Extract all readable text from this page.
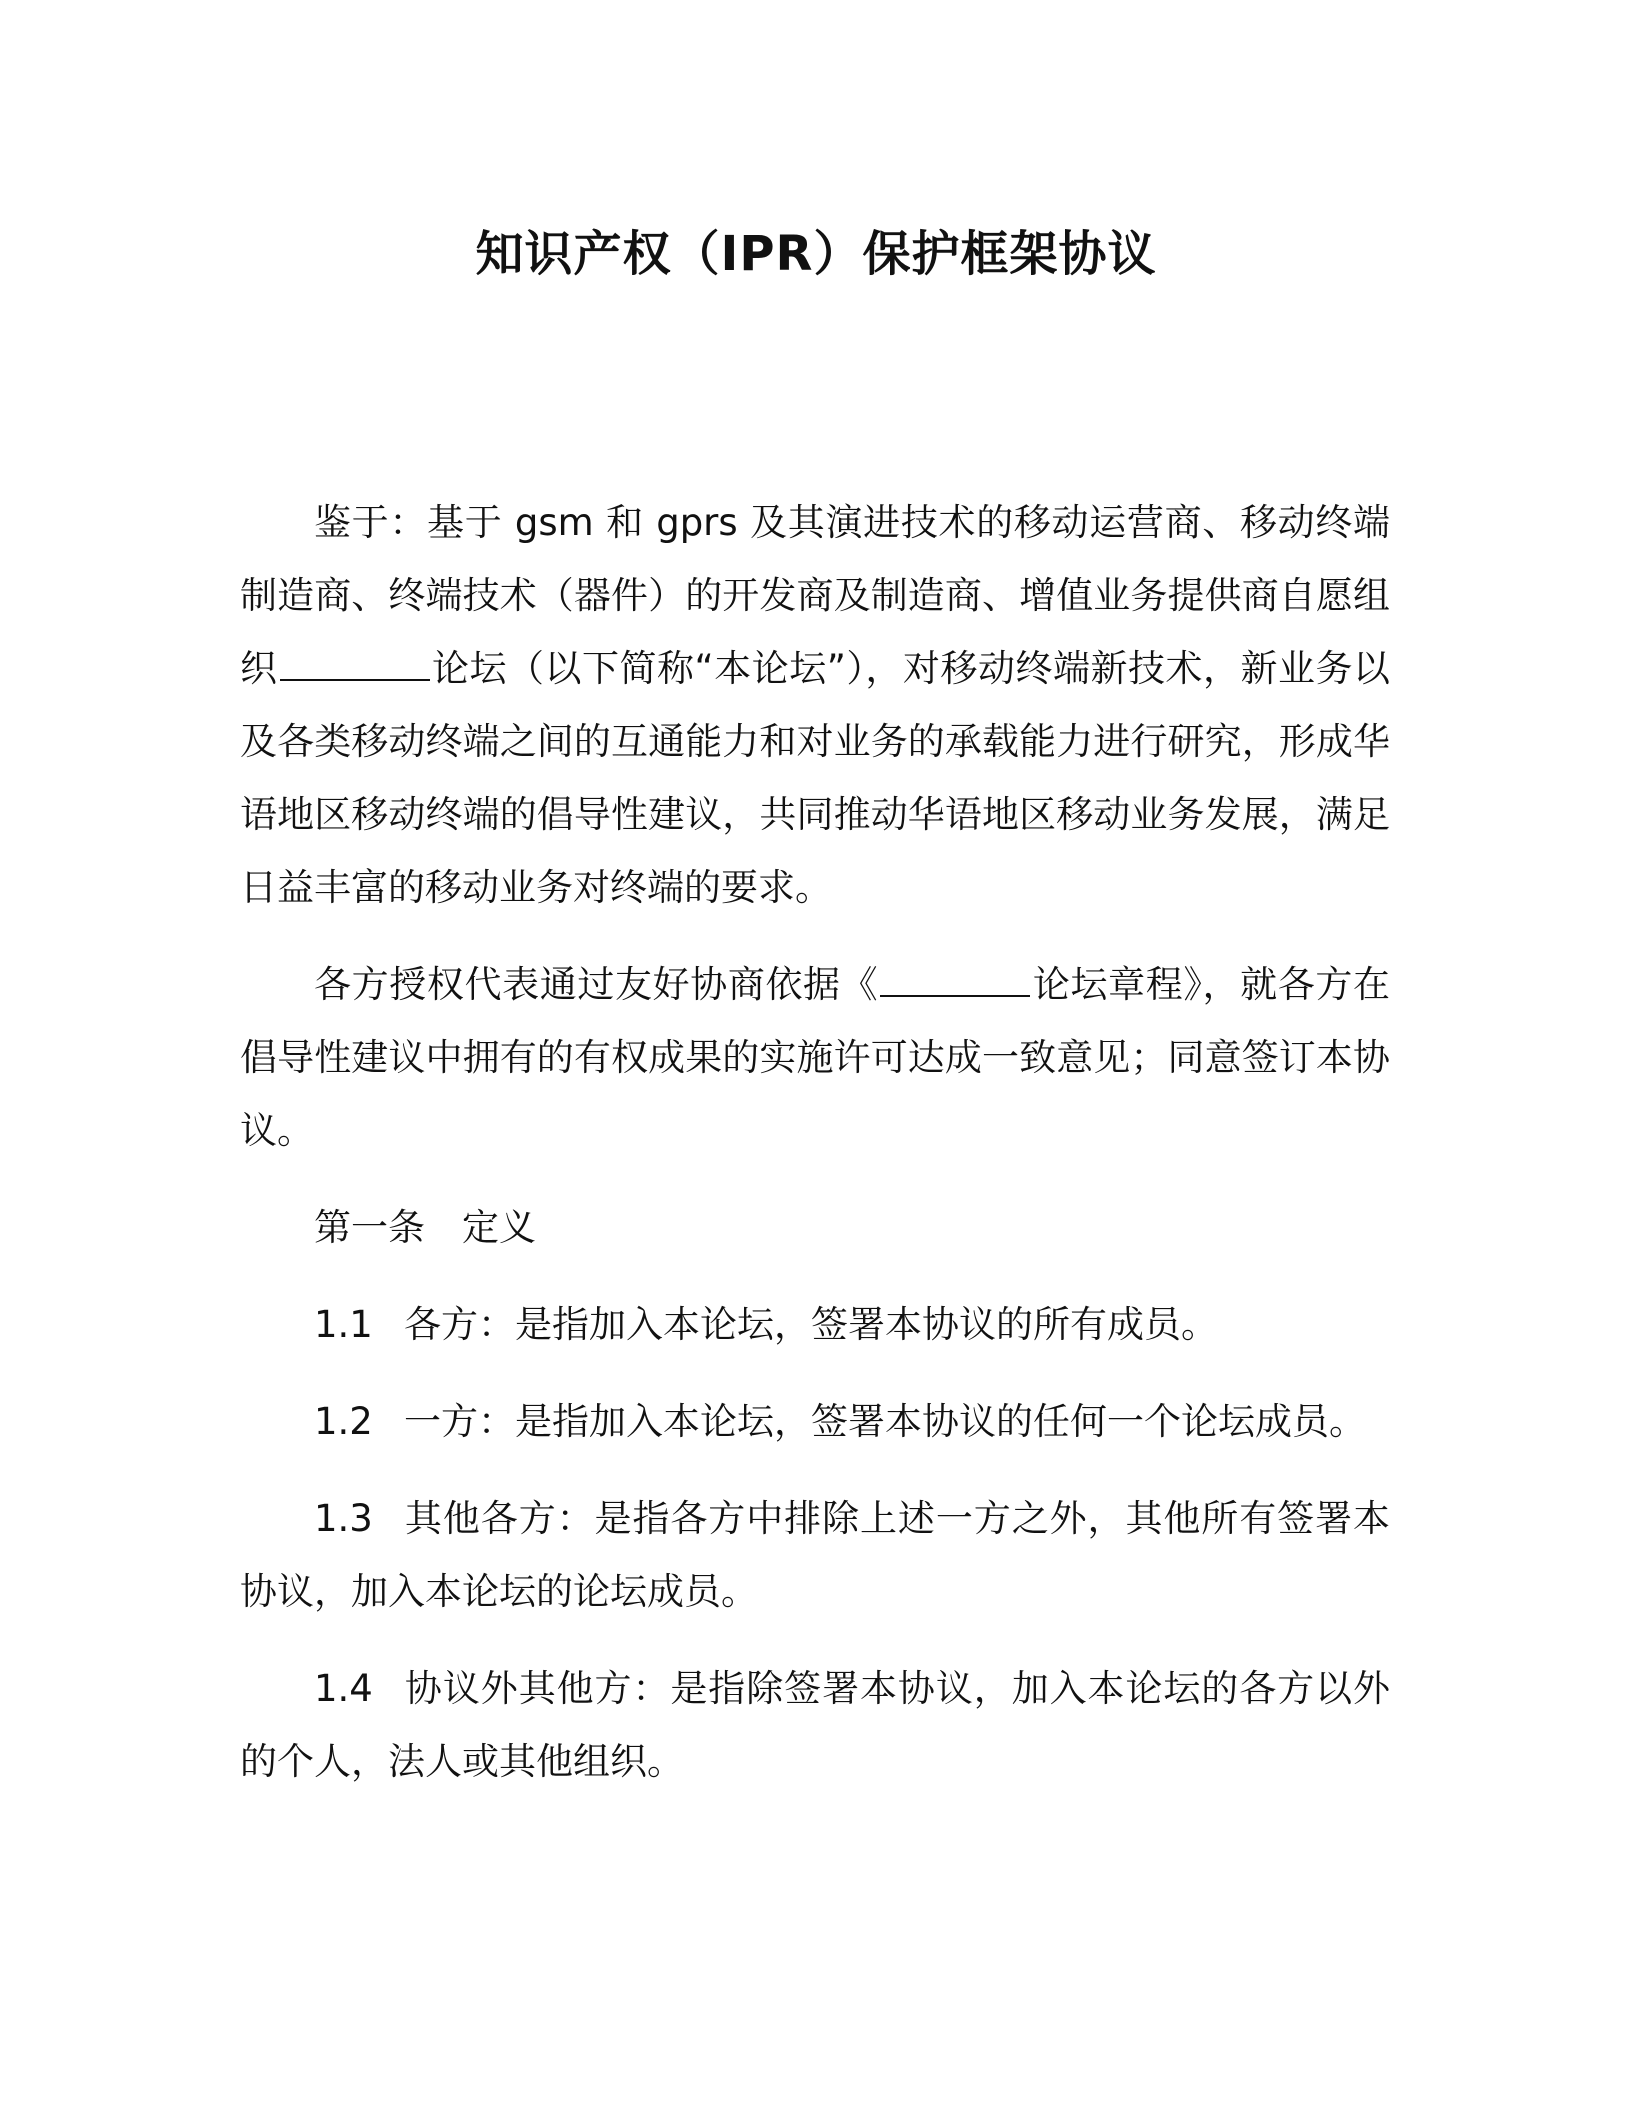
知识产权（IPR）保护框架协议

鉴于：基于 gsm 和 gprs 及其演进技术的移动运营商、移动终端制造商、终端技术（器件）的开发商及制造商、增值业务提供商自愿组织	论坛（以下简称“本论坛”），对移动终端新技术，新业务以及各类移动终端之间的互通能力和对业务的承载能力进行研究，形成华语地区移动终端的倡导性建议，共同推动华语地区移动业务发展，满足日益丰富的移动业务对终端的要求。

各方授权代表通过友好协商依据《	论坛章程》，就各方在倡导性建议中拥有的有权成果的实施许可达成一致意见；同意签订本协议。

第一条 定义

1.1 各方：是指加入本论坛，签署本协议的所有成员。

1.2 一方：是指加入本论坛，签署本协议的任何一个论坛成员。

1.3 其他各方：是指各方中排除上述一方之外，其他所有签署本协议，加入本论坛的论坛成员。

1.4 协议外其他方：是指除签署本协议，加入本论坛的各方以外的个人，法人或其他组织。
